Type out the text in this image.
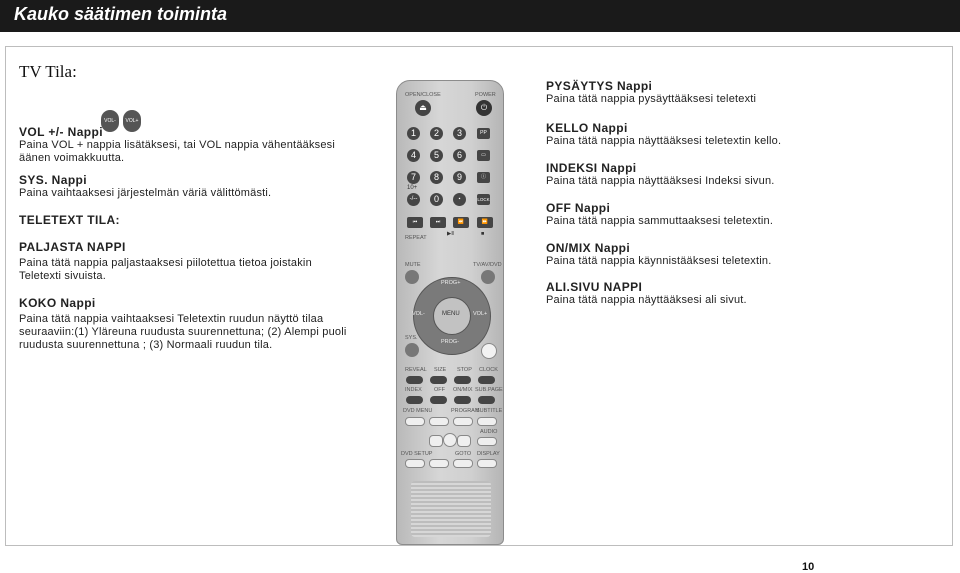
Kauko säätimen toiminta
TV Tila:
VOL-	VOL+
VOL +/- Nappi
Paina VOL + nappia lisätäksesi, tai VOL nappia vähentääksesi äänen voimakkuutta.
SYS. Nappi
Paina vaihtaaksesi järjestelmän väriä välittömästi.
TELETEXT TILA:
PALJASTA NAPPI
Paina tätä nappia paljastaaksesi piilotettua tietoa joistakin Teletexti sivuista.
KOKO Nappi
Paina tätä nappia vaihtaaksesi Teletextin ruudun näyttö tilaa seuraaviin:(1) Yläreuna ruudusta suurennettuna; (2) Alempi puoli ruudusta suurennettuna ; (3) Normaali ruudun tila.
PYSÄYTYS Nappi
Paina tätä nappia pysäyttääksesi teletexti
KELLO Nappi
Paina tätä nappia näyttääksesi teletextin kello.
INDEKSI Nappi
Paina tätä nappia näyttääksesi Indeksi sivun.
OFF Nappi
Paina tätä nappia sammuttaaksesi teletextin.
ON/MIX Nappi
Paina tätä nappia käynnistääksesi teletextin.
ALI.SIVU NAPPI
Paina tätä nappia näyttääksesi ali sivut.
OPEN/CLOSE	POWER
⏏	⏻
1	2	3	PP
4	5	6	▭
7	8	9	ⓘ
10+
-/--	0	▪	LOCK
⏮	⏭	⏪	⏩
REPEAT
▶Ⅱ	■
MUTE	TV/AV/DVD
PROG+
PROG-
VOL-	VOL+
MENU
SYS.
REVEAL SIZE STOP CLOCK
INDEX OFF ON/MIX SUB.PAGE
DVD MENU	PROGRAM
SUBTITLE
AUDIO
DVD SETUP	GOTO DISPLAY
10
